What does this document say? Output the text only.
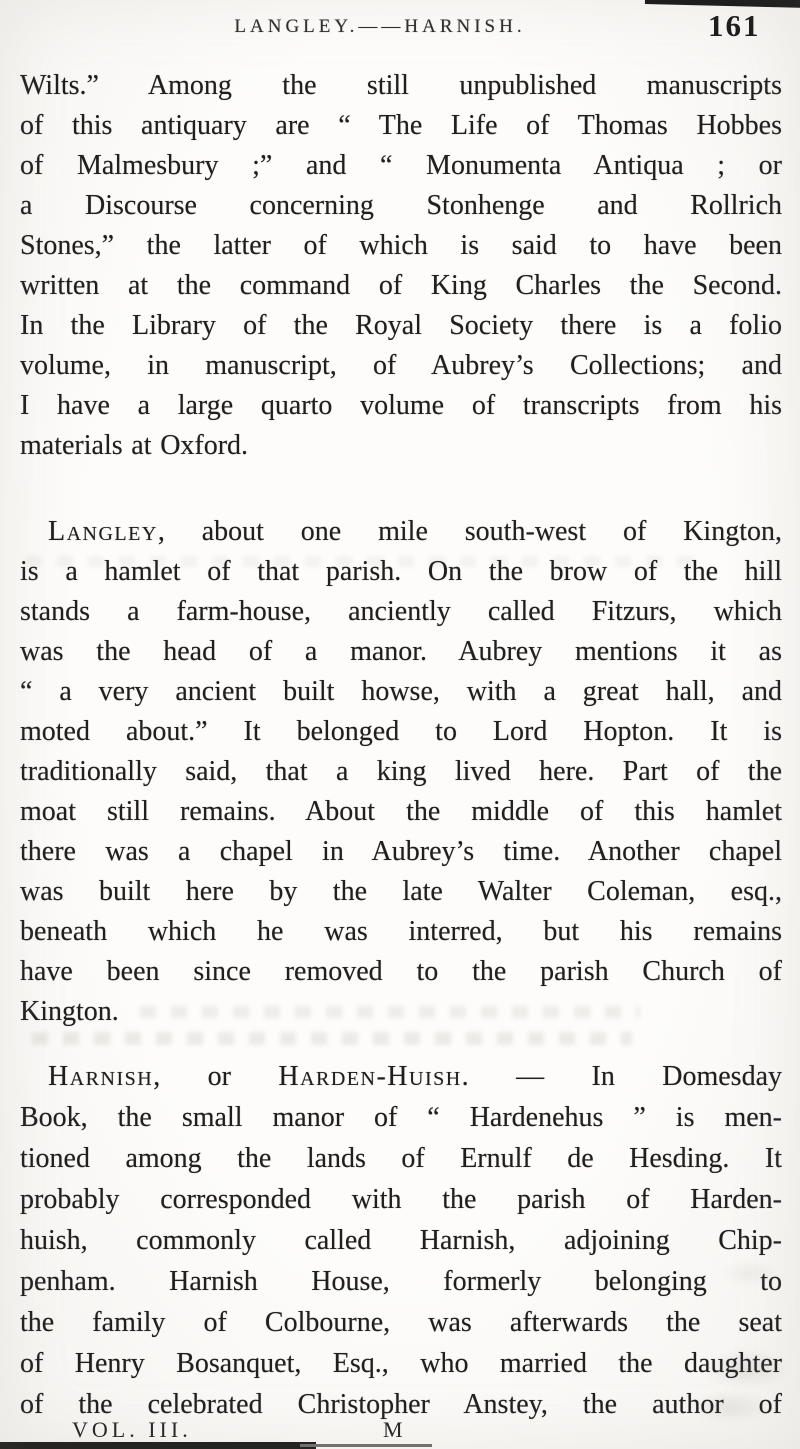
LANGLEY.——HARNISH.	161
Wilts.” Among the still unpublished manuscripts
of this antiquary are “ The Life of Thomas Hobbes
of Malmesbury ;” and “ Monumenta Antiqua ; or
a Discourse concerning Stonhenge and Rollrich
Stones,” the latter of which is said to have been
written at the command of King Charles the Second.
In the Library of the Royal Society there is a folio
volume, in manuscript, of Aubrey’s Collections; and
I have a large quarto volume of transcripts from his
materials at Oxford.
Langley, about one mile south-west of Kington,
is a hamlet of that parish. On the brow of the hill
stands a farm-house, anciently called Fitzurs, which
was the head of a manor. Aubrey mentions it as
“ a very ancient built howse, with a great hall, and
moted about.” It belonged to Lord Hopton. It is
traditionally said, that a king lived here. Part of the
moat still remains. About the middle of this hamlet
there was a chapel in Aubrey’s time. Another chapel
was built here by the late Walter Coleman, esq.,
beneath which he was interred, but his remains
have been since removed to the parish Church of
Kington.
Harnish, or Harden-Huish. — In Domesday
Book, the small manor of “ Hardenehus ” is men-
tioned among the lands of Ernulf de Hesding. It
probably corresponded with the parish of Harden-
huish, commonly called Harnish, adjoining Chip-
penham. Harnish House, formerly belonging to
the family of Colbourne, was afterwards the seat
of Henry Bosanquet, Esq., who married the daughter
of the celebrated Christopher Anstey, the author of
VOL. III.	M
